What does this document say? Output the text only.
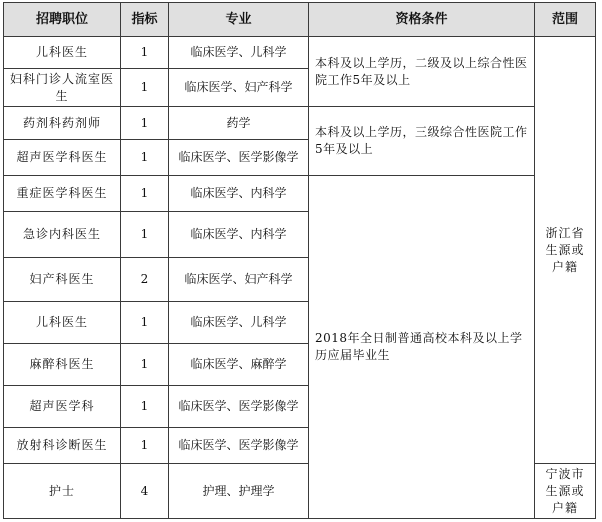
招聘职位	指标	专业	资格条件	范围
儿科医生	1	临床医学、儿科学	本科及以上学历，二级及以上综合性医院工作5年及以上	浙江省生源或户籍
妇科门诊人流室医生	1	临床医学、妇产科学		
药剂科药剂师	1	药学	本科及以上学历，三级综合性医院工作5年及以上	
超声医学科医生	1	临床医学、医学影像学		
重症医学科医生	1	临床医学、内科学	2018年全日制普通高校本科及以上学历应届毕业生	
急诊内科医生	1	临床医学、内科学		
妇产科医生	2	临床医学、妇产科学		
儿科医生	1	临床医学、儿科学		
麻醉科医生	1	临床医学、麻醉学		
超声医学科	1	临床医学、医学影像学		
放射科诊断医生	1	临床医学、医学影像学		
护士	4	护理、护理学		宁波市生源或户籍
